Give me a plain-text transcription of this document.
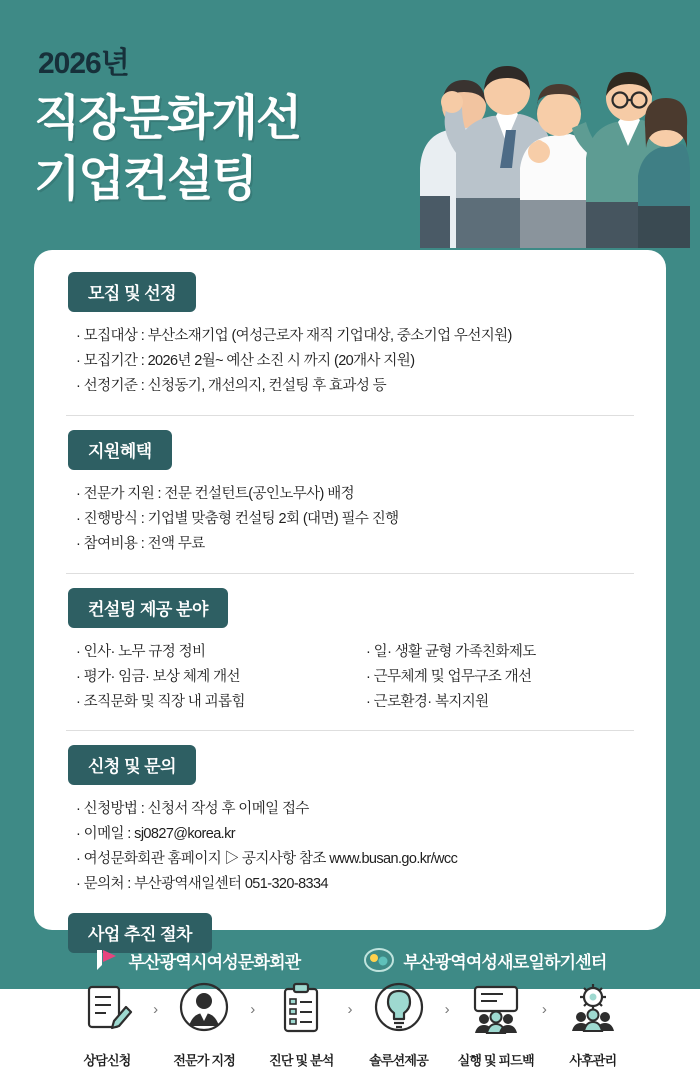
2026년
직장문화개선
기업컨설팅
모집 및 선정
· 모집대상 : 부산소재기업 (여성근로자 재직 기업대상, 중소기업 우선지원)
· 모집기간 : 2026년 2월~ 예산 소진 시 까지 (20개사 지원)
· 선정기준 : 신청동기, 개선의지, 컨설팅 후 효과성 등
지원혜택
· 전문가 지원 : 전문 컨설턴트(공인노무사) 배정
· 진행방식 : 기업별 맞춤형 컨설팅 2회 (대면) 필수 진행
· 참여비용 : 전액 무료
컨설팅 제공 분야
· 인사· 노무 규정 정비
· 평가· 임금· 보상 체계 개선
· 조직문화 및 직장 내 괴롭힘
· 일· 생활 균형 가족친화제도
· 근무체계 및 업무구조 개선
· 근로환경· 복지지원
신청 및 문의
· 신청방법 : 신청서 작성 후 이메일 접수
· 이메일 : sj0827@korea.kr
· 여성문화회관 홈페이지 ▷ 공지사항 참조 www.busan.go.kr/wcc
· 문의처 : 부산광역새일센터 051-320-8334
사업 추진 절차
상담신청
›
전문가 지정
›
진단 및 분석
›
솔루션제공
›
실행 및 피드백
›
사후관리
부산광역시여성문화회관	부산광역여성새로일하기센터
